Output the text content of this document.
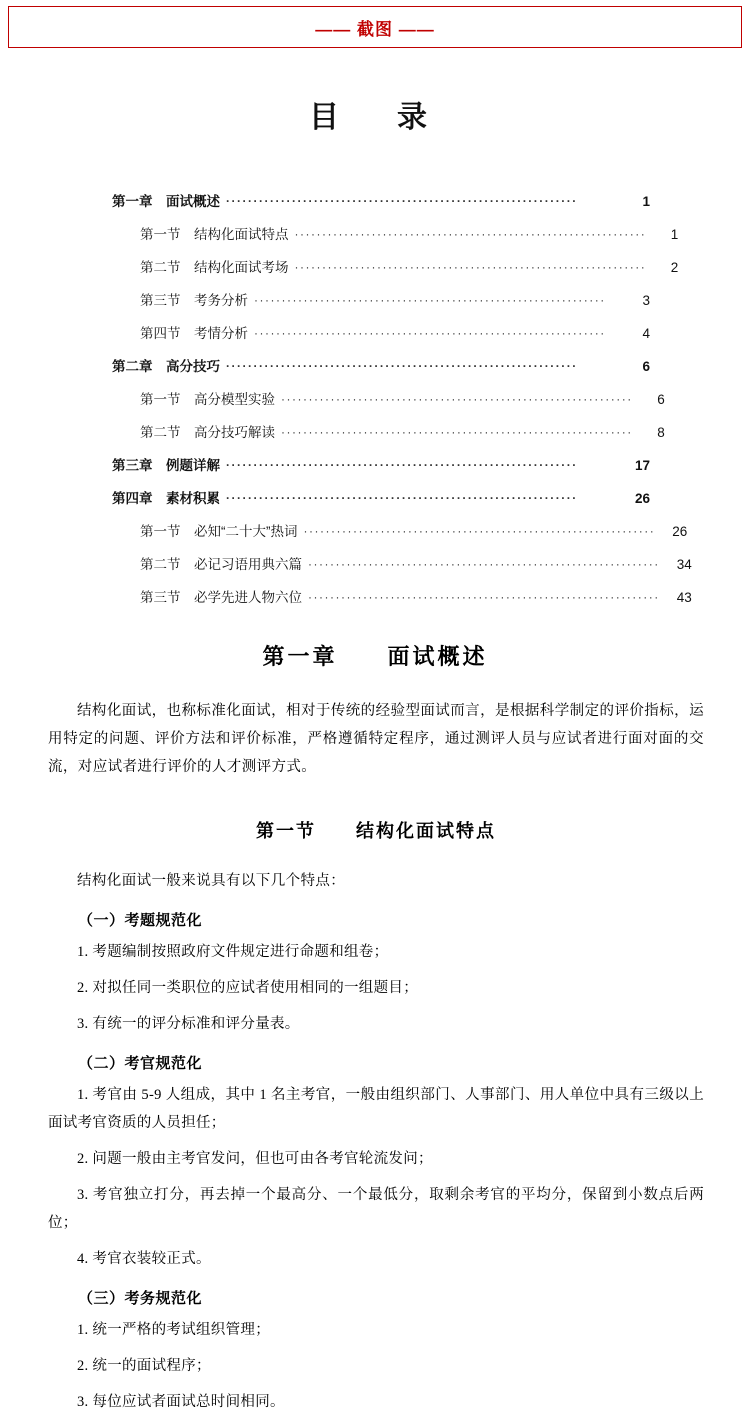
—— 截图 ——
目　录
第一章　面试概述 ································································	1
第一节　结构化面试特点 ································································	1
第二节　结构化面试考场 ································································	2
第三节　考务分析 ································································	3
第四节　考情分析 ································································	4
第二章　高分技巧 ································································	6
第一节　高分模型实验 ································································	6
第二节　高分技巧解读 ································································	8
第三章　例题详解 ································································	17
第四章　素材积累 ································································	26
第一节　必知“二十大”热词 ································································	26
第二节　必记习语用典六篇 ································································	34
第三节　必学先进人物六位 ································································	43
第一章　　面试概述

结构化面试，也称标准化面试，相对于传统的经验型面试而言，是根据科学制定的评价指标，运用特定的问题、评价方法和评价标准，严格遵循特定程序，通过测评人员与应试者进行面对面的交流，对应试者进行评价的人才测评方式。

第一节　　结构化面试特点

结构化面试一般来说具有以下几个特点：

（一）考题规范化

1. 考题编制按照政府文件规定进行命题和组卷；

2. 对拟任同一类职位的应试者使用相同的一组题目；

3. 有统一的评分标准和评分量表。

（二）考官规范化

1. 考官由 5-9 人组成，其中 1 名主考官，一般由组织部门、人事部门、用人单位中具有三级以上面试考官资质的人员担任；

2. 问题一般由主考官发问，但也可由各考官轮流发问；

3. 考官独立打分，再去掉一个最高分、一个最低分，取剩余考官的平均分，保留到小数点后两位；

4. 考官衣装较正式。

（三）考务规范化

1. 统一严格的考试组织管理；

2. 统一的面试程序；

3. 每位应试者面试总时间相同。
